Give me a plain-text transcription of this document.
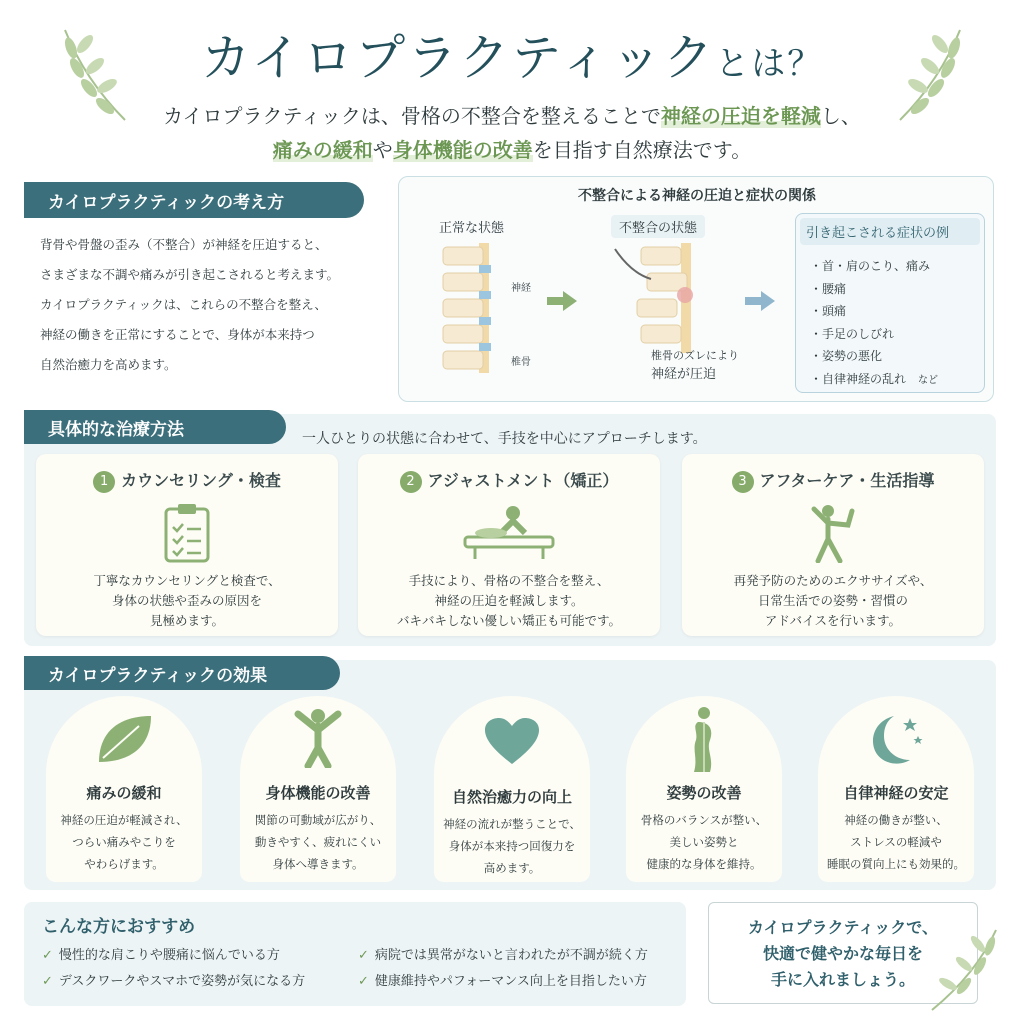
カイロプラクティックとは？
カイロプラクティックは、骨格の不整合を整えることで神経の圧迫を軽減し、
痛みの緩和や身体機能の改善を目指す自然療法です。
カイロプラクティックの考え方
背骨や骨盤の歪み（不整合）が神経を圧迫すると、
さまざまな不調や痛みが引き起こされると考えます。
カイロプラクティックは、これらの不整合を整え、
神経の働きを正常にすることで、身体が本来持つ
自然治癒力を高めます。
不整合による神経の圧迫と症状の関係
正常な状態
神経
椎骨
不整合の状態
椎骨のズレにより
神経が圧迫
引き起こされる症状の例
・首・肩のこり、痛み
・腰痛
・頭痛
・手足のしびれ
・姿勢の悪化
・自律神経の乱れ　 など
具体的な治療方法	一人ひとりの状態に合わせて、手技を中心にアプローチします。
1 カウンセリング・検査
丁寧なカウンセリングと検査で、
身体の状態や歪みの原因を
見極めます。
2 アジャストメント（矯正）
手技により、骨格の不整合を整え、
神経の圧迫を軽減します。
バキバキしない優しい矯正も可能です。
3 アフターケア・生活指導
再発予防のためのエクササイズや、
日常生活での姿勢・習慣の
アドバイスを行います。
カイロプラクティックの効果
痛みの緩和
神経の圧迫が軽減され、
つらい痛みやこりを
やわらげます。
身体機能の改善
関節の可動域が広がり、
動きやすく、疲れにくい
身体へ導きます。
自然治癒力の向上
神経の流れが整うことで、
身体が本来持つ回復力を
高めます。
姿勢の改善
骨格のバランスが整い、
美しい姿勢と
健康的な身体を維持。
自律神経の安定
神経の働きが整い、
ストレスの軽減や
睡眠の質向上にも効果的。
こんな方におすすめ
✓ 慢性的な肩こりや腰痛に悩んでいる方	✓ 病院では異常がないと言われたが不調が続く方
✓ デスクワークやスマホで姿勢が気になる方	✓ 健康維持やパフォーマンス向上を目指したい方
カイロプラクティックで、
快適で健やかな毎日を
手に入れましょう。
